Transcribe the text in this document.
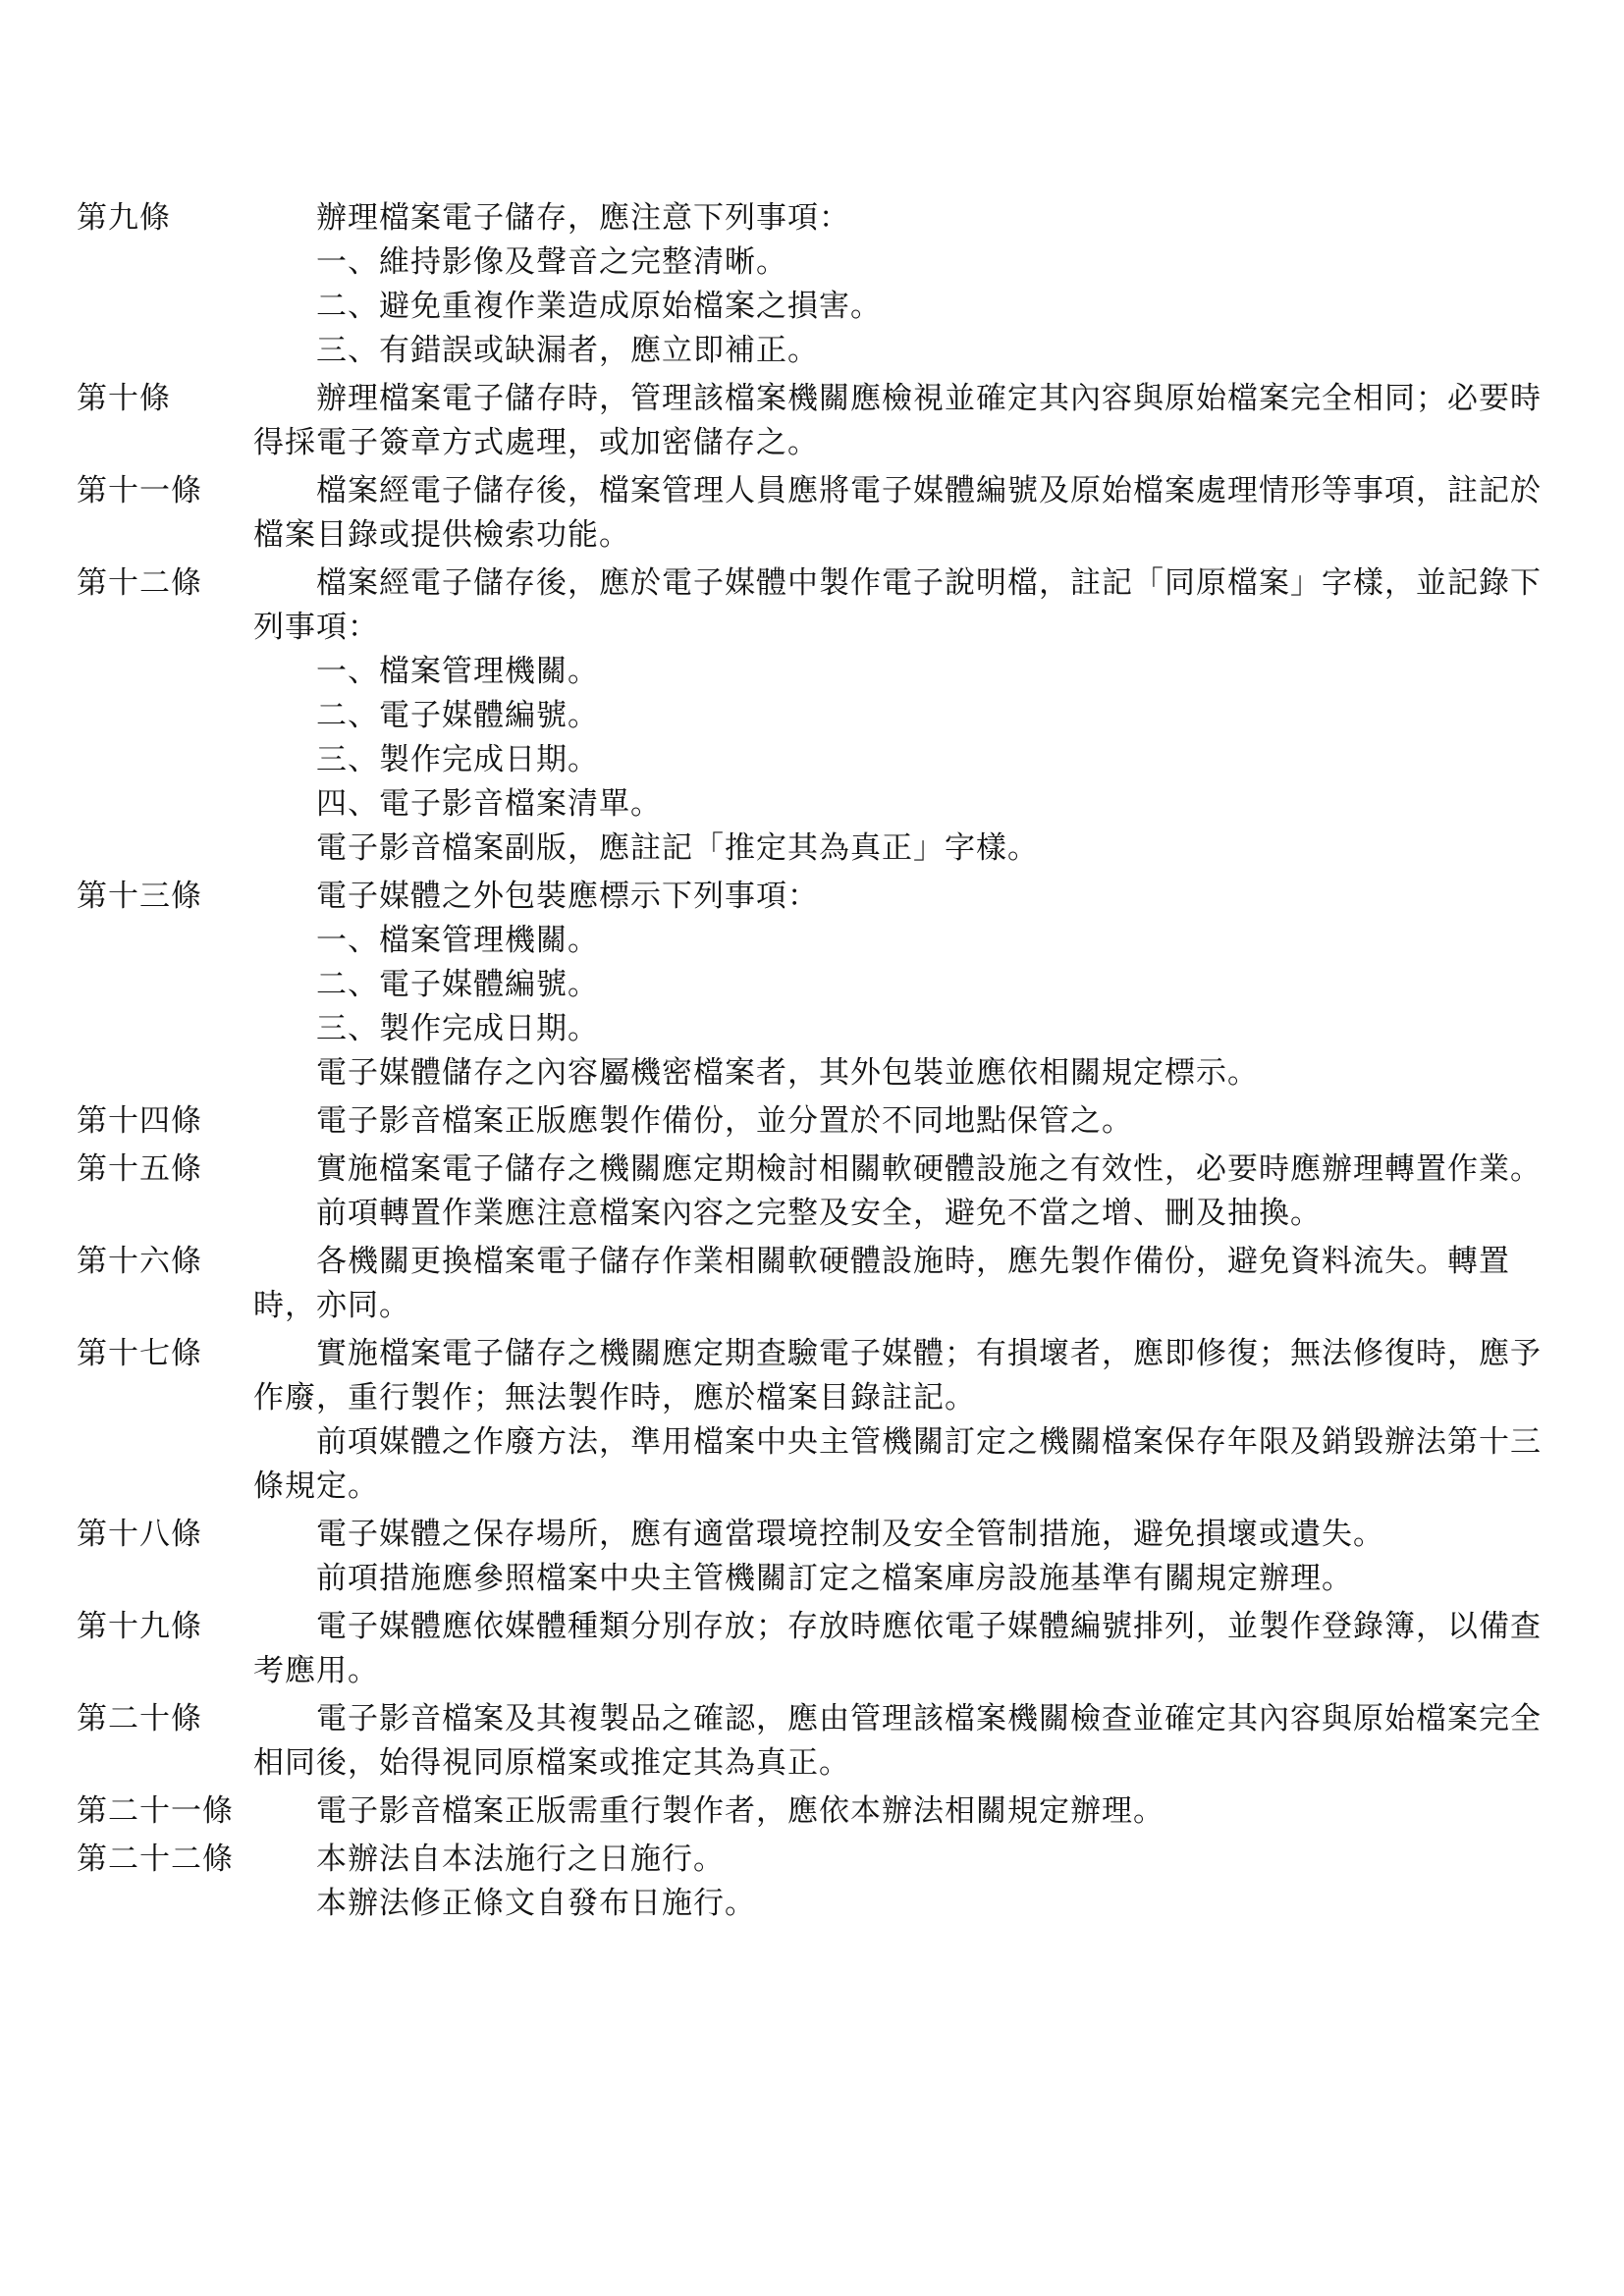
第九條	辦理檔案電子儲存，應注意下列事項：

一、維持影像及聲音之完整清晰。

二、避免重複作業造成原始檔案之損害。

三、有錯誤或缺漏者，應立即補正。

第十條	辦理檔案電子儲存時，管理該檔案機關應檢視並確定其內容與原始檔案完全相同；必要時得採電子簽章方式處理，或加密儲存之。

第十一條	檔案經電子儲存後，檔案管理人員應將電子媒體編號及原始檔案處理情形等事項，註記於檔案目錄或提供檢索功能。

第十二條	檔案經電子儲存後，應於電子媒體中製作電子說明檔，註記「同原檔案」字樣，並記錄下列事項：

一、檔案管理機關。

二、電子媒體編號。

三、製作完成日期。

四、電子影音檔案清單。

電子影音檔案副版，應註記「推定其為真正」字樣。

第十三條	電子媒體之外包裝應標示下列事項：

一、檔案管理機關。

二、電子媒體編號。

三、製作完成日期。

電子媒體儲存之內容屬機密檔案者，其外包裝並應依相關規定標示。

第十四條	電子影音檔案正版應製作備份，並分置於不同地點保管之。

第十五條	實施檔案電子儲存之機關應定期檢討相關軟硬體設施之有效性，必要時應辦理轉置作業。

前項轉置作業應注意檔案內容之完整及安全，避免不當之增、刪及抽換。

第十六條	各機關更換檔案電子儲存作業相關軟硬體設施時，應先製作備份，避免資料流失。轉置時，亦同。

第十七條	實施檔案電子儲存之機關應定期查驗電子媒體；有損壞者，應即修復；無法修復時，應予作廢，重行製作；無法製作時，應於檔案目錄註記。

前項媒體之作廢方法，準用檔案中央主管機關訂定之機關檔案保存年限及銷毀辦法第十三條規定。

第十八條	電子媒體之保存場所，應有適當環境控制及安全管制措施，避免損壞或遺失。

前項措施應參照檔案中央主管機關訂定之檔案庫房設施基準有關規定辦理。

第十九條	電子媒體應依媒體種類分別存放；存放時應依電子媒體編號排列，並製作登錄簿，以備查考應用。

第二十條	電子影音檔案及其複製品之確認，應由管理該檔案機關檢查並確定其內容與原始檔案完全相同後，始得視同原檔案或推定其為真正。

第二十一條	電子影音檔案正版需重行製作者，應依本辦法相關規定辦理。

第二十二條	本辦法自本法施行之日施行。

本辦法修正條文自發布日施行。
